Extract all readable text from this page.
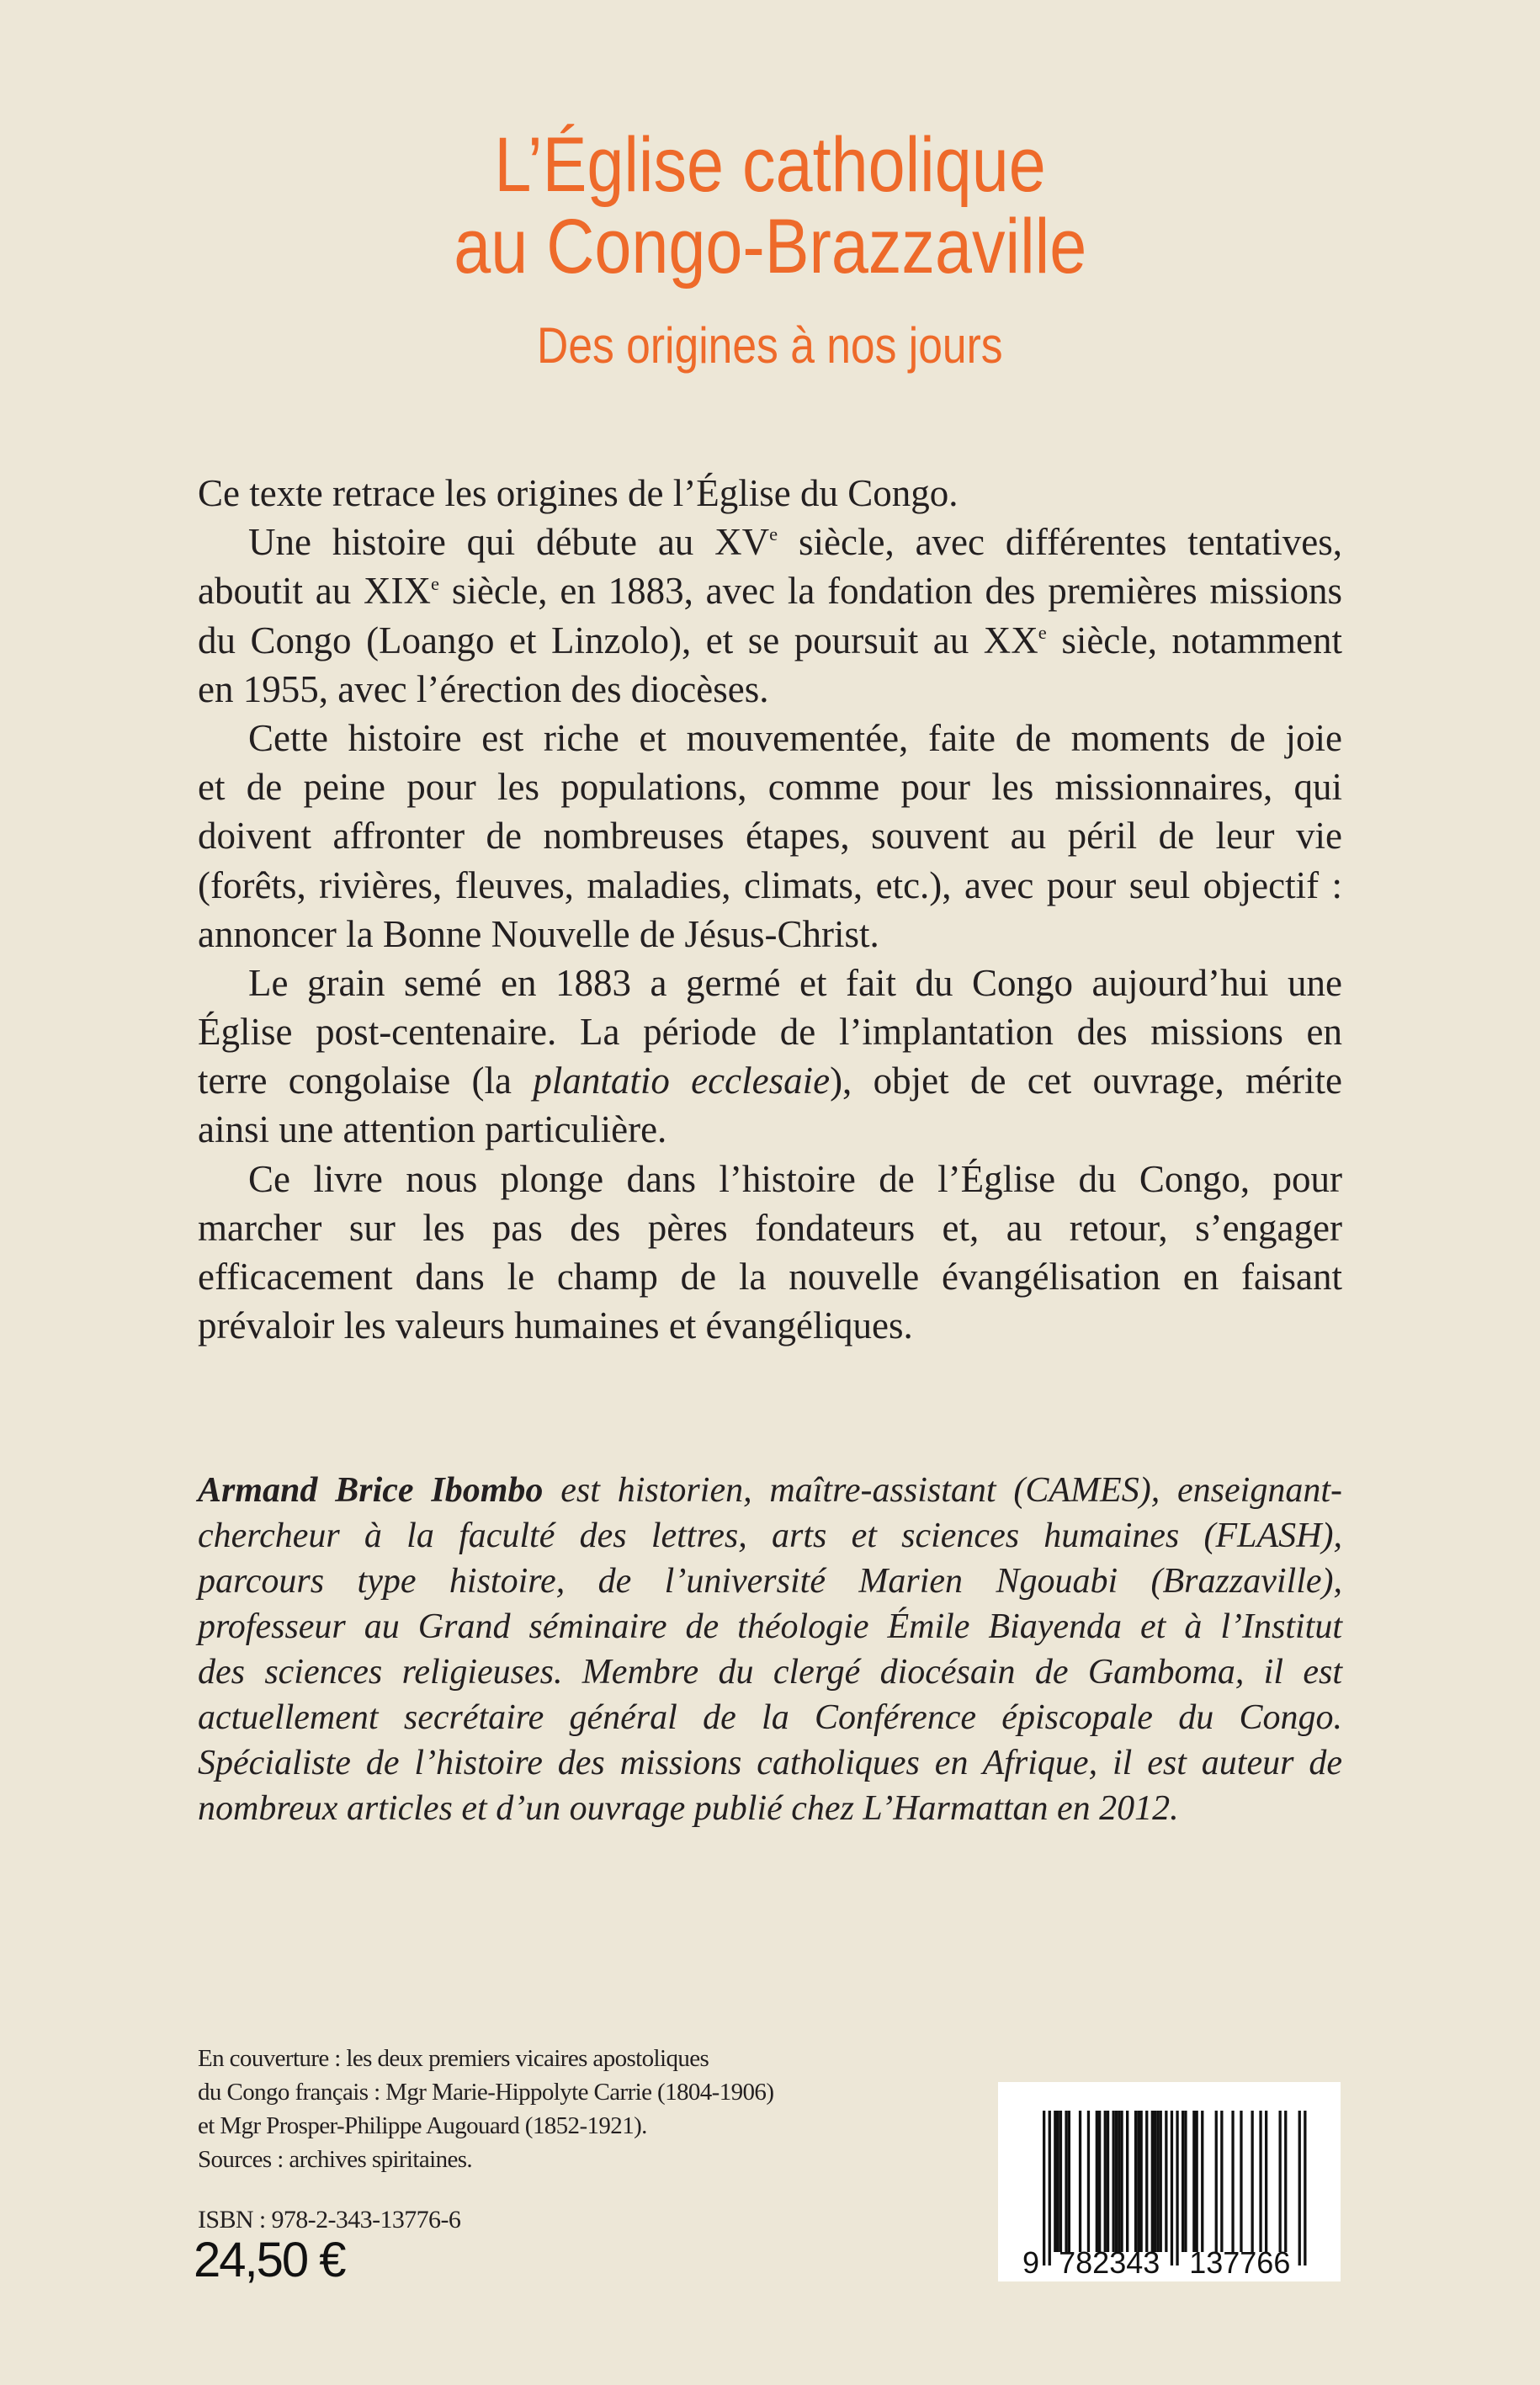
L’Église catholique
au Congo-Brazzaville
Des origines à nos jours
Ce texte retrace les origines de l’Église du Congo.
Une histoire qui débute au XVe siècle, avec différentes tentatives,
aboutit au XIXe siècle, en 1883, avec la fondation des premières missions
du Congo (Loango et Linzolo), et se poursuit au XXe siècle, notamment
en 1955, avec l’érection des diocèses.
Cette histoire est riche et mouvementée, faite de moments de joie
et de peine pour les populations, comme pour les missionnaires, qui
doivent affronter de nombreuses étapes, souvent au péril de leur vie
(forêts, rivières, fleuves, maladies, climats, etc.), avec pour seul objectif :
annoncer la Bonne Nouvelle de Jésus-Christ.
Le grain semé en 1883 a germé et fait du Congo aujourd’hui une
Église post-centenaire. La période de l’implantation des missions en
terre congolaise (la plantatio ecclesaie), objet de cet ouvrage, mérite
ainsi une attention particulière.
Ce livre nous plonge dans l’histoire de l’Église du Congo, pour
marcher sur les pas des pères fondateurs et, au retour, s’engager
efficacement dans le champ de la nouvelle évangélisation en faisant
prévaloir les valeurs humaines et évangéliques.
Armand Brice Ibombo est historien, maître-assistant (CAMES), enseignant-
chercheur à la faculté des lettres, arts et sciences humaines (FLASH),
parcours type histoire, de l’université Marien Ngouabi (Brazzaville),
professeur au Grand séminaire de théologie Émile Biayenda et à l’Institut
des sciences religieuses. Membre du clergé diocésain de Gamboma, il est
actuellement secrétaire général de la Conférence épiscopale du Congo.
Spécialiste de l’histoire des missions catholiques en Afrique, il est auteur de
nombreux articles et d’un ouvrage publié chez L’Harmattan en 2012.
En couverture : les deux premiers vicaires apostoliques
du Congo français : Mgr Marie-Hippolyte Carrie (1804-1906)
et Mgr Prosper-Philippe Augouard (1852-1921).
Sources : archives spiritaines.
ISBN : 978-2-343-13776-6
24,50 €	9 782343 137766
